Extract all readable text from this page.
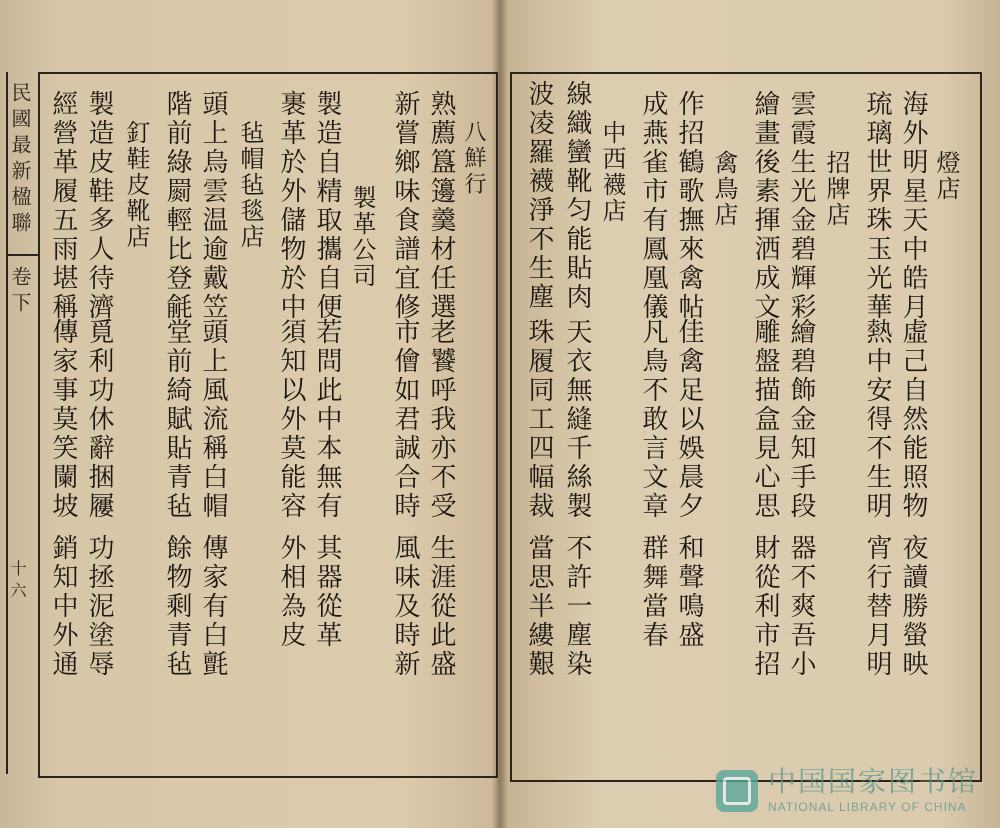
民國最新楹聯
卷下
十六
八鮮行
熟薦簋籩羹材任選
老饕呼我亦不受
生涯從此盛
新嘗鄉味食譜宜修
市儈如君誠合時
風味及時新
製革公司
製造自精取攜自便
若問此中本無有
其器從革
裹革於外儲物於中
須知以外莫能容
外相為皮
毡帽毡毯店
頭上烏雲温逾戴笠
頭上風流稱白帽
傳家有白氈
階前綠罽輕比登毹
堂前綺賦貼青毡
餘物剩青毡
釘鞋皮靴店
製造皮鞋多人待濟
覓利功休辭捆屨
功拯泥塗辱
經營革履五雨堪稱
傳家事莫笑闌坡
銷知中外通
燈店
海外明星天中皓月
虛己自然能照物
夜讀勝螢映
琉璃世界珠玉光華
熱中安得不生明
宵行替月明
招牌店
雲霞生光金碧輝彩
繪碧飾金知手段
器不爽吾小
繪畫後素揮洒成文
雕盤描盒見心思
財從利市招
禽鳥店
作招鶴歌撫來禽帖
佳禽足以娛晨夕
和聲鳴盛
成燕雀市有鳳凰儀
凡鳥不敢言文章
群舞當春
中西襪店
線織蠻靴匀能貼肉
天衣無縫千絲製
不許一塵染
波凌羅襪淨不生塵
珠履同工四幅裁
當思半縷艱
中国国家图书馆
NATIONAL LIBRARY OF CHINA
